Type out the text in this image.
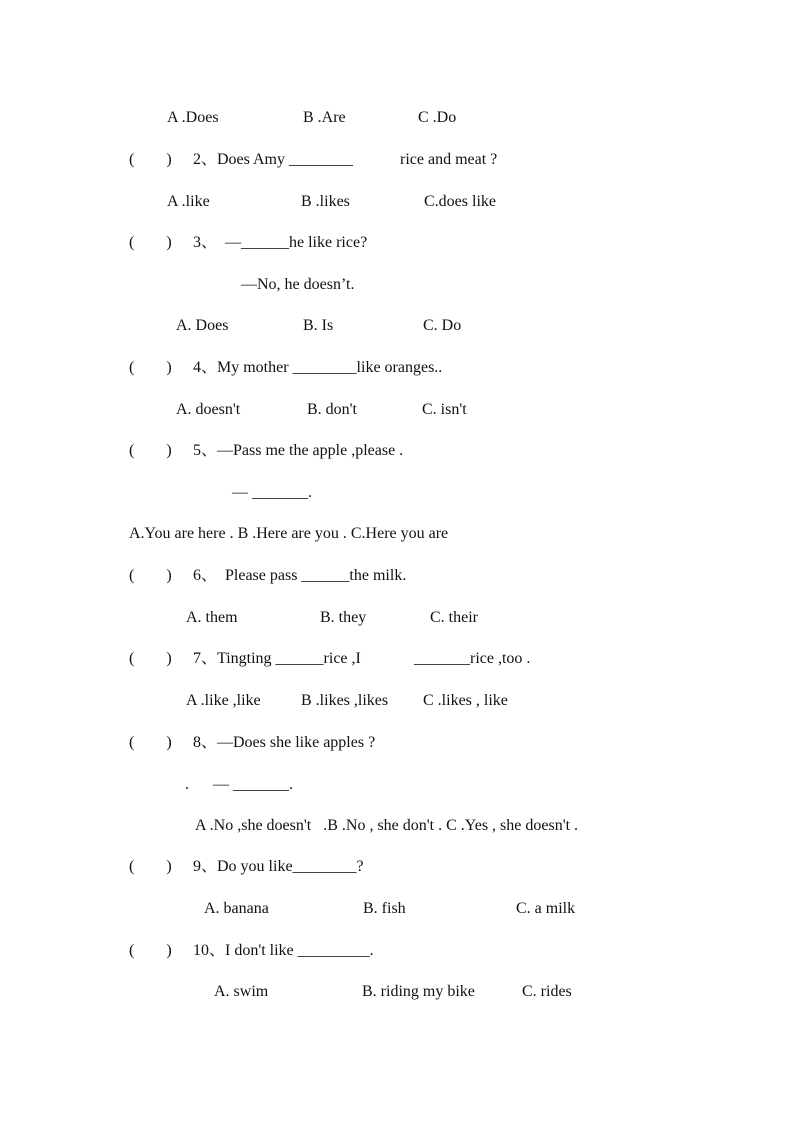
A .Does	B .Are	C .Do
(        ) 2、Does Amy ________	rice and meat ?
A .like	B .likes	C.does like
(        ) 3、  —______he like rice?
—No, he doesn’t.
A. Does	B. Is	C. Do
(        ) 4、My mother ________like oranges..
A. doesn't	B. don't	C. isn't
(        ) 5、—Pass me the apple ,please .
— _______.
A.You are here . B .Here are you . C.Here you are
(        ) 6、  Please pass ______the milk.
A. them	B. they	C. their
(        ) 7、Tingting ______rice ,I	_______rice ,too .
A .like ,like	B .likes ,likes C .likes , like
(        ) 8、—Does she like apples ?
.      — _______.
A .No ,she doesn't   .B .No , she don't . C .Yes , she doesn't .
(        ) 9、Do you like________?
A. banana	B. fish	C. a milk
(        ) 10、I don't like _________.
A. swim	B. riding my bike	C. rides
